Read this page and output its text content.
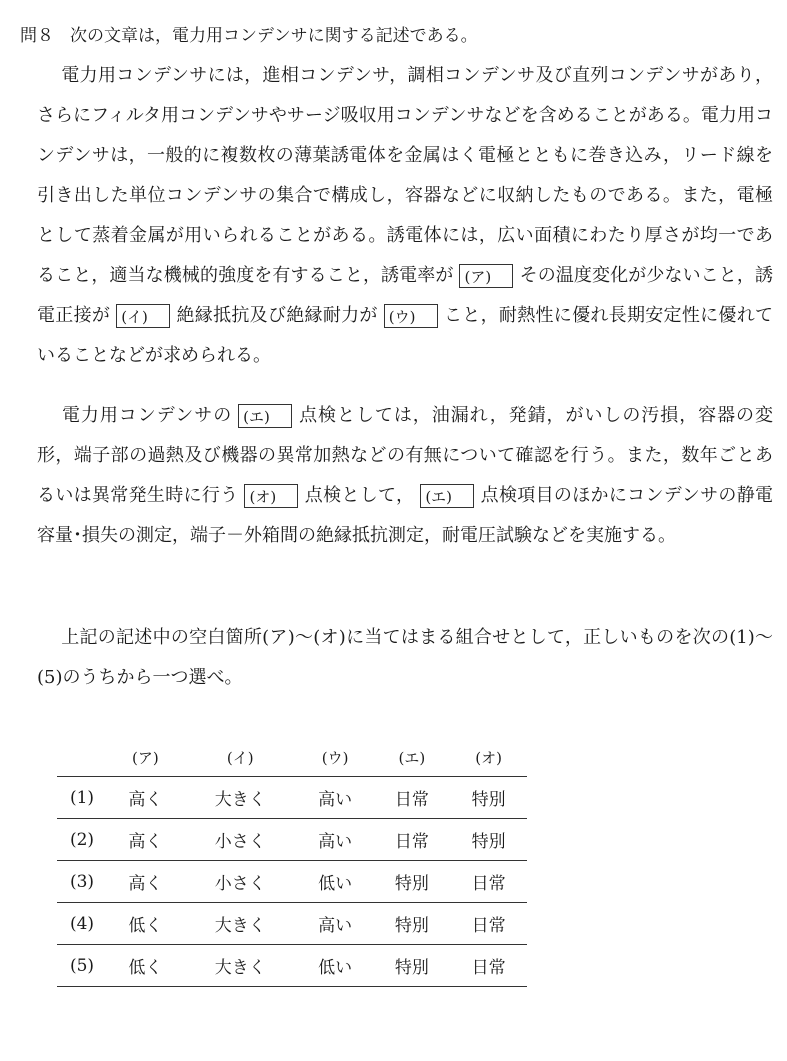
問８ 次の文章は，電力用コンデンサに関する記述である。
電力用コンデンサには，進相コンデンサ，調相コンデンサ及び直列コンデンサがあり，さらにフィルタ用コンデンサやサージ吸収用コンデンサなどを含めることがある。電力用コンデンサは，一般的に複数枚の薄葉誘電体を金属はく電極とともに巻き込み，リード線を引き出した単位コンデンサの集合で構成し，容器などに収納したものである。また，電極として蒸着金属が用いられることがある。誘電体には，広い面積にわたり厚さが均一であること，適当な機械的強度を有すること，誘電率が (ア) その温度変化が少ないこと，誘電正接が (イ) 絶縁抵抗及び絶縁耐力が (ウ) こと，耐熱性に優れ長期安定性に優れていることなどが求められる。
電力用コンデンサの (エ) 点検としては，油漏れ，発錆，がいしの汚損，容器の変形，端子部の過熱及び機器の異常加熱などの有無について確認を行う。また，数年ごとあるいは異常発生時に行う (オ) 点検として， (エ) 点検項目のほかにコンデンサの静電容量･損失の測定，端子－外箱間の絶縁抵抗測定，耐電圧試験などを実施する。
上記の記述中の空白箇所(ア)～(オ)に当てはまる組合せとして，正しいものを次の(1)～(5)のうちから一つ選べ。
	(ア)	(イ)	(ウ)	(エ)	(オ)
(1)	高く	大きく	高い	日常	特別
(2)	高く	小さく	高い	日常	特別
(3)	高く	小さく	低い	特別	日常
(4)	低く	大きく	高い	特別	日常
(5)	低く	大きく	低い	特別	日常
